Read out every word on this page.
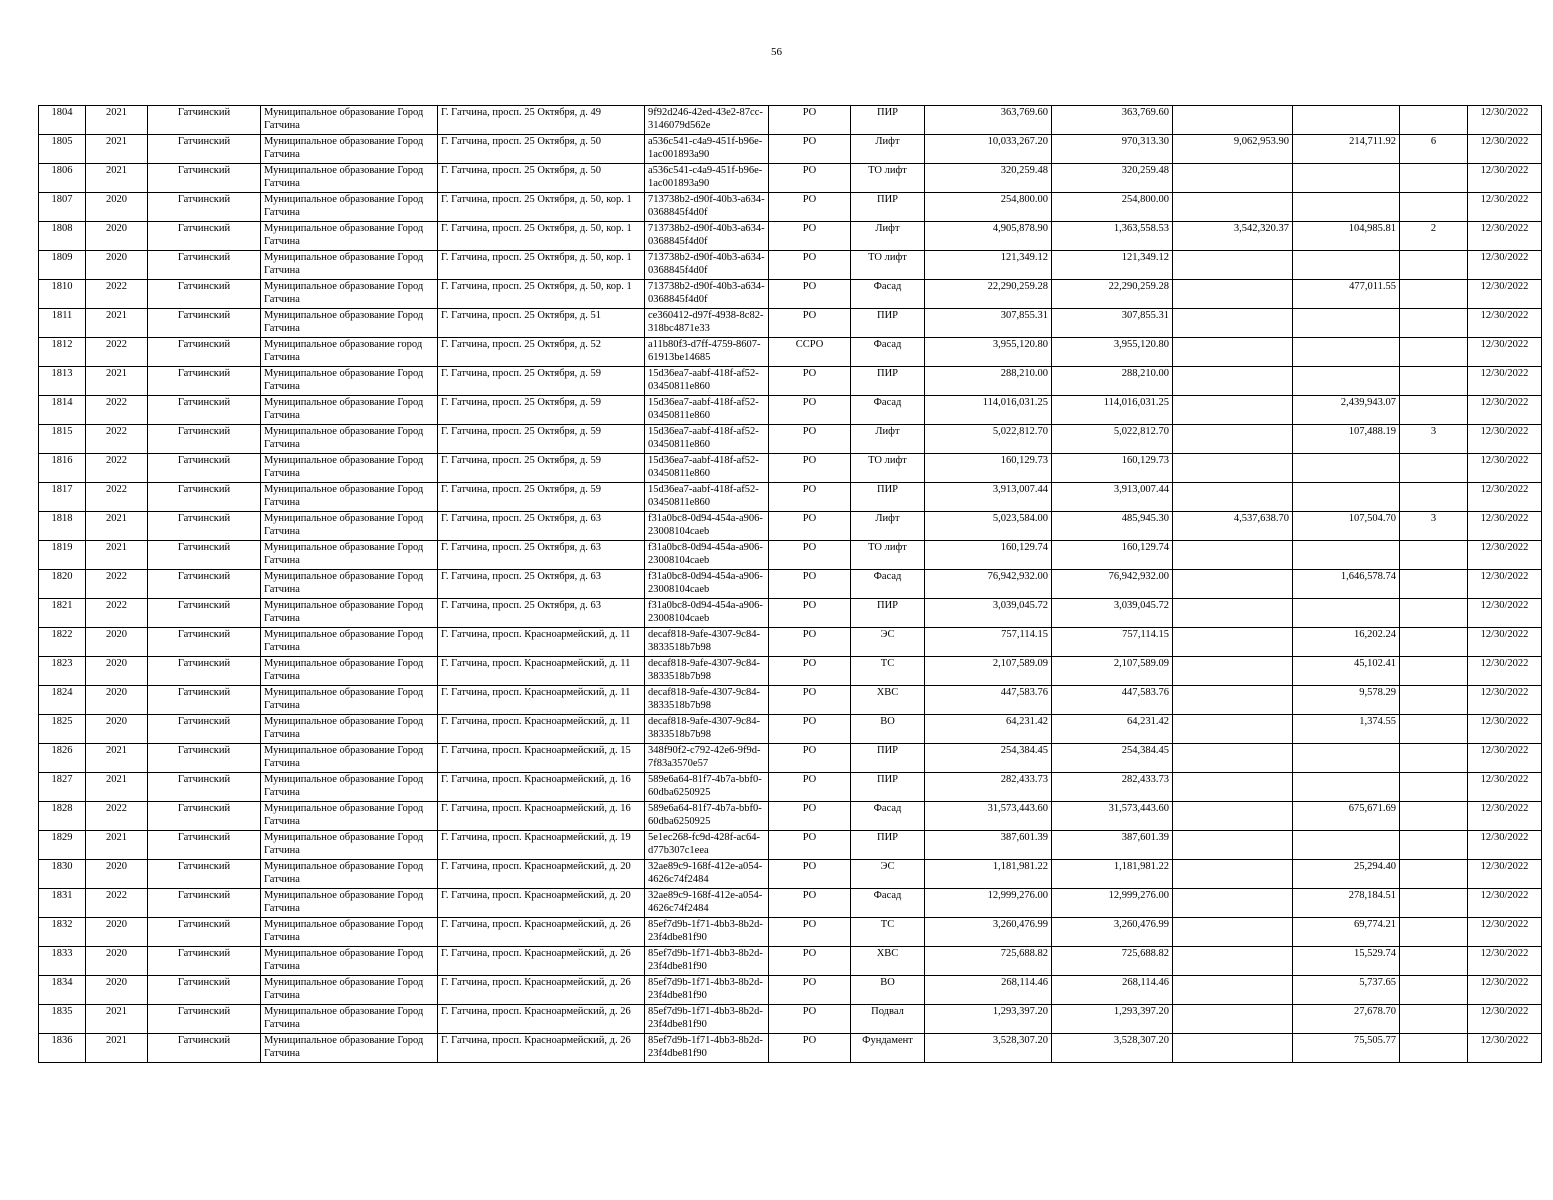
56
1804	2021	Гатчинский	Муниципальное образование Город Гатчина	Г. Гатчина, просп. 25 Октября, д. 49	9f92d246-42ed-43e2-87cc-3146079d562e	РО	ПИР	363,769.60	363,769.60				12/30/2022
1805	2021	Гатчинский	Муниципальное образование Город Гатчина	Г. Гатчина, просп. 25 Октября, д. 50	a536c541-c4a9-451f-b96e-1ac001893a90	РО	Лифт	10,033,267.20	970,313.30	9,062,953.90	214,711.92	6	12/30/2022
1806	2021	Гатчинский	Муниципальное образование Город Гатчина	Г. Гатчина, просп. 25 Октября, д. 50	a536c541-c4a9-451f-b96e-1ac001893a90	РО	ТО лифт	320,259.48	320,259.48				12/30/2022
1807	2020	Гатчинский	Муниципальное образование Город Гатчина	Г. Гатчина, просп. 25 Октября, д. 50, кор. 1	713738b2-d90f-40b3-a634-0368845f4d0f	РО	ПИР	254,800.00	254,800.00				12/30/2022
1808	2020	Гатчинский	Муниципальное образование Город Гатчина	Г. Гатчина, просп. 25 Октября, д. 50, кор. 1	713738b2-d90f-40b3-a634-0368845f4d0f	РО	Лифт	4,905,878.90	1,363,558.53	3,542,320.37	104,985.81	2	12/30/2022
1809	2020	Гатчинский	Муниципальное образование Город Гатчина	Г. Гатчина, просп. 25 Октября, д. 50, кор. 1	713738b2-d90f-40b3-a634-0368845f4d0f	РО	ТО лифт	121,349.12	121,349.12				12/30/2022
1810	2022	Гатчинский	Муниципальное образование Город Гатчина	Г. Гатчина, просп. 25 Октября, д. 50, кор. 1	713738b2-d90f-40b3-a634-0368845f4d0f	РО	Фасад	22,290,259.28	22,290,259.28		477,011.55		12/30/2022
1811	2021	Гатчинский	Муниципальное образование Город Гатчина	Г. Гатчина, просп. 25 Октября, д. 51	ce360412-d97f-4938-8c82-318bc4871e33	РО	ПИР	307,855.31	307,855.31				12/30/2022
1812	2022	Гатчинский	Муниципальное образование город Гатчина	Г. Гатчина, просп. 25 Октября, д. 52	a11b80f3-d7ff-4759-8607-61913be14685	ССРО	Фасад	3,955,120.80	3,955,120.80				12/30/2022
1813	2021	Гатчинский	Муниципальное образование Город Гатчина	Г. Гатчина, просп. 25 Октября, д. 59	15d36ea7-aabf-418f-af52-03450811e860	РО	ПИР	288,210.00	288,210.00				12/30/2022
1814	2022	Гатчинский	Муниципальное образование Город Гатчина	Г. Гатчина, просп. 25 Октября, д. 59	15d36ea7-aabf-418f-af52-03450811e860	РО	Фасад	114,016,031.25	114,016,031.25		2,439,943.07		12/30/2022
1815	2022	Гатчинский	Муниципальное образование Город Гатчина	Г. Гатчина, просп. 25 Октября, д. 59	15d36ea7-aabf-418f-af52-03450811e860	РО	Лифт	5,022,812.70	5,022,812.70		107,488.19	3	12/30/2022
1816	2022	Гатчинский	Муниципальное образование Город Гатчина	Г. Гатчина, просп. 25 Октября, д. 59	15d36ea7-aabf-418f-af52-03450811e860	РО	ТО лифт	160,129.73	160,129.73				12/30/2022
1817	2022	Гатчинский	Муниципальное образование Город Гатчина	Г. Гатчина, просп. 25 Октября, д. 59	15d36ea7-aabf-418f-af52-03450811e860	РО	ПИР	3,913,007.44	3,913,007.44				12/30/2022
1818	2021	Гатчинский	Муниципальное образование Город Гатчина	Г. Гатчина, просп. 25 Октября, д. 63	f31a0bc8-0d94-454a-a906-23008104caeb	РО	Лифт	5,023,584.00	485,945.30	4,537,638.70	107,504.70	3	12/30/2022
1819	2021	Гатчинский	Муниципальное образование Город Гатчина	Г. Гатчина, просп. 25 Октября, д. 63	f31a0bc8-0d94-454a-a906-23008104caeb	РО	ТО лифт	160,129.74	160,129.74				12/30/2022
1820	2022	Гатчинский	Муниципальное образование Город Гатчина	Г. Гатчина, просп. 25 Октября, д. 63	f31a0bc8-0d94-454a-a906-23008104caeb	РО	Фасад	76,942,932.00	76,942,932.00		1,646,578.74		12/30/2022
1821	2022	Гатчинский	Муниципальное образование Город Гатчина	Г. Гатчина, просп. 25 Октября, д. 63	f31a0bc8-0d94-454a-a906-23008104caeb	РО	ПИР	3,039,045.72	3,039,045.72				12/30/2022
1822	2020	Гатчинский	Муниципальное образование Город Гатчина	Г. Гатчина, просп. Красноармейский, д. 11	decaf818-9afe-4307-9c84-3833518b7b98	РО	ЭС	757,114.15	757,114.15		16,202.24		12/30/2022
1823	2020	Гатчинский	Муниципальное образование Город Гатчина	Г. Гатчина, просп. Красноармейский, д. 11	decaf818-9afe-4307-9c84-3833518b7b98	РО	ТС	2,107,589.09	2,107,589.09		45,102.41		12/30/2022
1824	2020	Гатчинский	Муниципальное образование Город Гатчина	Г. Гатчина, просп. Красноармейский, д. 11	decaf818-9afe-4307-9c84-3833518b7b98	РО	ХВС	447,583.76	447,583.76		9,578.29		12/30/2022
1825	2020	Гатчинский	Муниципальное образование Город Гатчина	Г. Гатчина, просп. Красноармейский, д. 11	decaf818-9afe-4307-9c84-3833518b7b98	РО	ВО	64,231.42	64,231.42		1,374.55		12/30/2022
1826	2021	Гатчинский	Муниципальное образование Город Гатчина	Г. Гатчина, просп. Красноармейский, д. 15	348f90f2-c792-42e6-9f9d-7f83a3570e57	РО	ПИР	254,384.45	254,384.45				12/30/2022
1827	2021	Гатчинский	Муниципальное образование Город Гатчина	Г. Гатчина, просп. Красноармейский, д. 16	589e6a64-81f7-4b7a-bbf0-60dba6250925	РО	ПИР	282,433.73	282,433.73				12/30/2022
1828	2022	Гатчинский	Муниципальное образование Город Гатчина	Г. Гатчина, просп. Красноармейский, д. 16	589e6a64-81f7-4b7a-bbf0-60dba6250925	РО	Фасад	31,573,443.60	31,573,443.60		675,671.69		12/30/2022
1829	2021	Гатчинский	Муниципальное образование Город Гатчина	Г. Гатчина, просп. Красноармейский, д. 19	5e1ec268-fc9d-428f-ac64-d77b307c1eea	РО	ПИР	387,601.39	387,601.39				12/30/2022
1830	2020	Гатчинский	Муниципальное образование Город Гатчина	Г. Гатчина, просп. Красноармейский, д. 20	32ae89c9-168f-412e-a054-4626c74f2484	РО	ЭС	1,181,981.22	1,181,981.22		25,294.40		12/30/2022
1831	2022	Гатчинский	Муниципальное образование Город Гатчина	Г. Гатчина, просп. Красноармейский, д. 20	32ae89c9-168f-412e-a054-4626c74f2484	РО	Фасад	12,999,276.00	12,999,276.00		278,184.51		12/30/2022
1832	2020	Гатчинский	Муниципальное образование Город Гатчина	Г. Гатчина, просп. Красноармейский, д. 26	85ef7d9b-1f71-4bb3-8b2d-23f4dbe81f90	РО	ТС	3,260,476.99	3,260,476.99		69,774.21		12/30/2022
1833	2020	Гатчинский	Муниципальное образование Город Гатчина	Г. Гатчина, просп. Красноармейский, д. 26	85ef7d9b-1f71-4bb3-8b2d-23f4dbe81f90	РО	ХВС	725,688.82	725,688.82		15,529.74		12/30/2022
1834	2020	Гатчинский	Муниципальное образование Город Гатчина	Г. Гатчина, просп. Красноармейский, д. 26	85ef7d9b-1f71-4bb3-8b2d-23f4dbe81f90	РО	ВО	268,114.46	268,114.46		5,737.65		12/30/2022
1835	2021	Гатчинский	Муниципальное образование Город Гатчина	Г. Гатчина, просп. Красноармейский, д. 26	85ef7d9b-1f71-4bb3-8b2d-23f4dbe81f90	РО	Подвал	1,293,397.20	1,293,397.20		27,678.70		12/30/2022
1836	2021	Гатчинский	Муниципальное образование Город Гатчина	Г. Гатчина, просп. Красноармейский, д. 26	85ef7d9b-1f71-4bb3-8b2d-23f4dbe81f90	РО	Фундамент	3,528,307.20	3,528,307.20		75,505.77		12/30/2022
